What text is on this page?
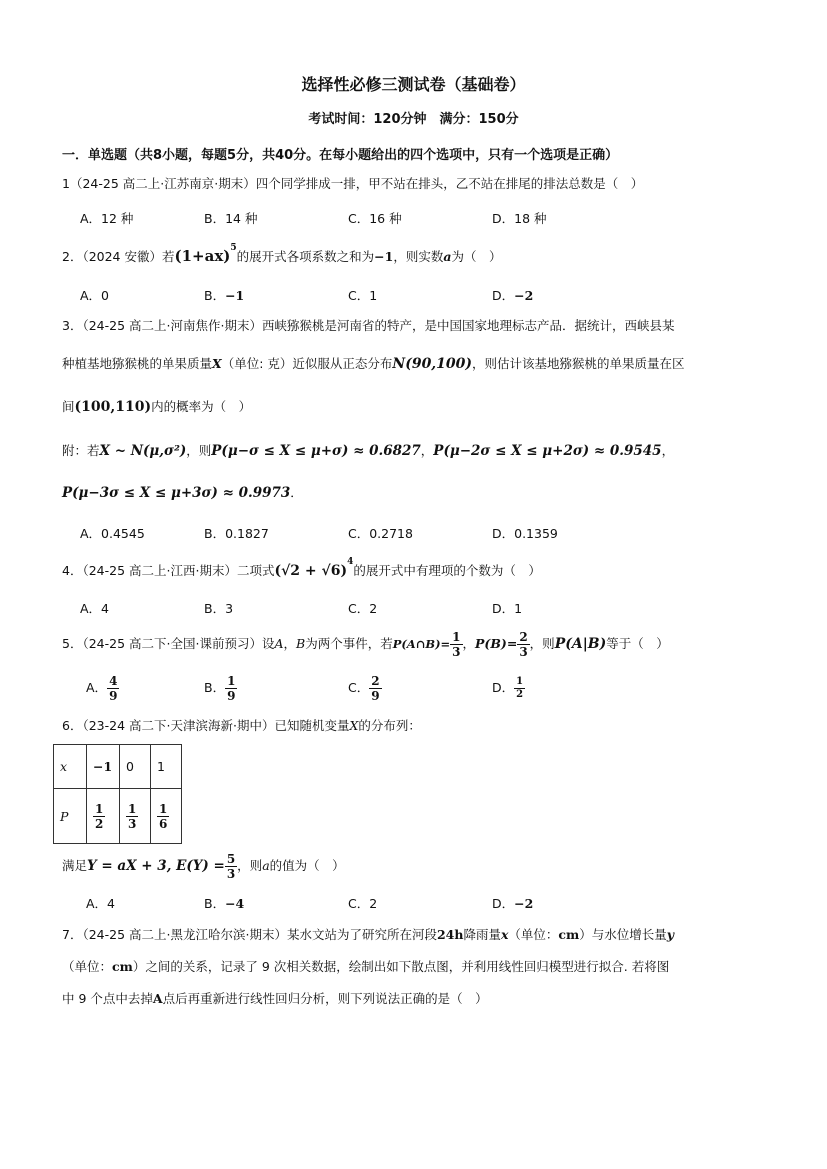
选择性必修三测试卷（基础卷）
考试时间：120分钟　满分：150分
一．单选题（共8小题，每题5分，共40分。在每小题给出的四个选项中，只有一个选项是正确）
1（24-25 高二上·江苏南京·期末）四个同学排成一排，甲不站在排头，乙不站在排尾的排法总数是（　）
A．12 种	B．14 种	C．16 种	D．18 种
2．（2024 安徽）若$(1+ax)^5$的展开式各项系数之和为−1，则实数a为（　）
A．0	B．−1	C．1	D．−2
3．（24-25 高二上·河南焦作·期末）西峡猕猴桃是河南省的特产，是中国国家地理标志产品．据统计，西峡县某
种植基地猕猴桃的单果质量X（单位: 克）近似服从正态分布N(90,100)，则估计该基地猕猴桃的单果质量在区
间(100,110)内的概率为（　）
附：若X ~ N(μ,σ²)，则P(μ−σ ≤ X ≤ μ+σ) ≈ 0.6827，P(μ−2σ ≤ X ≤ μ+2σ) ≈ 0.9545，
P(μ−3σ ≤ X ≤ μ+3σ) ≈ 0.9973．
A．0.4545	B．0.1827	C．0.2718	D．0.1359
4．（24-25 高二上·江西·期末）二项式$(√2 + √6)^4$的展开式中有理项的个数为（　）
A．4	B．3	C．2	D．1
5．（24-25 高二下·全国·课前预习）设A，B为两个事件，若P(A∩B)= $\frac{1}{3}$ ，$P(B)= \frac{2}{3}$ ，则P(A|B)等于（　）
A． $\frac{4}{9}$	B． $\frac{1}{9}$	C． $\frac{2}{9}$	D． $\frac{1}{2}$
6．（23-24 高二下·天津滨海新·期中）已知随机变量X的分布列：
x	−1	0	1
P	$\frac{1}{2}$	$\frac{1}{3}$	$\frac{1}{6}$
满足Y = aX + 3, $E(Y) = \frac{5}{3}$ ，则a的值为（　）
A．4	B．−4	C．2	D．−2
7．（24-25 高二上·黑龙江哈尔滨·期末）某水文站为了研究所在河段24h降雨量x（单位：cm）与水位增长量y
（单位：cm）之间的关系，记录了 9 次相关数据，绘制出如下散点图，并利用线性回归模型进行拟合. 若将图
中 9 个点中去掉A点后再重新进行线性回归分析，则下列说法正确的是（　）
